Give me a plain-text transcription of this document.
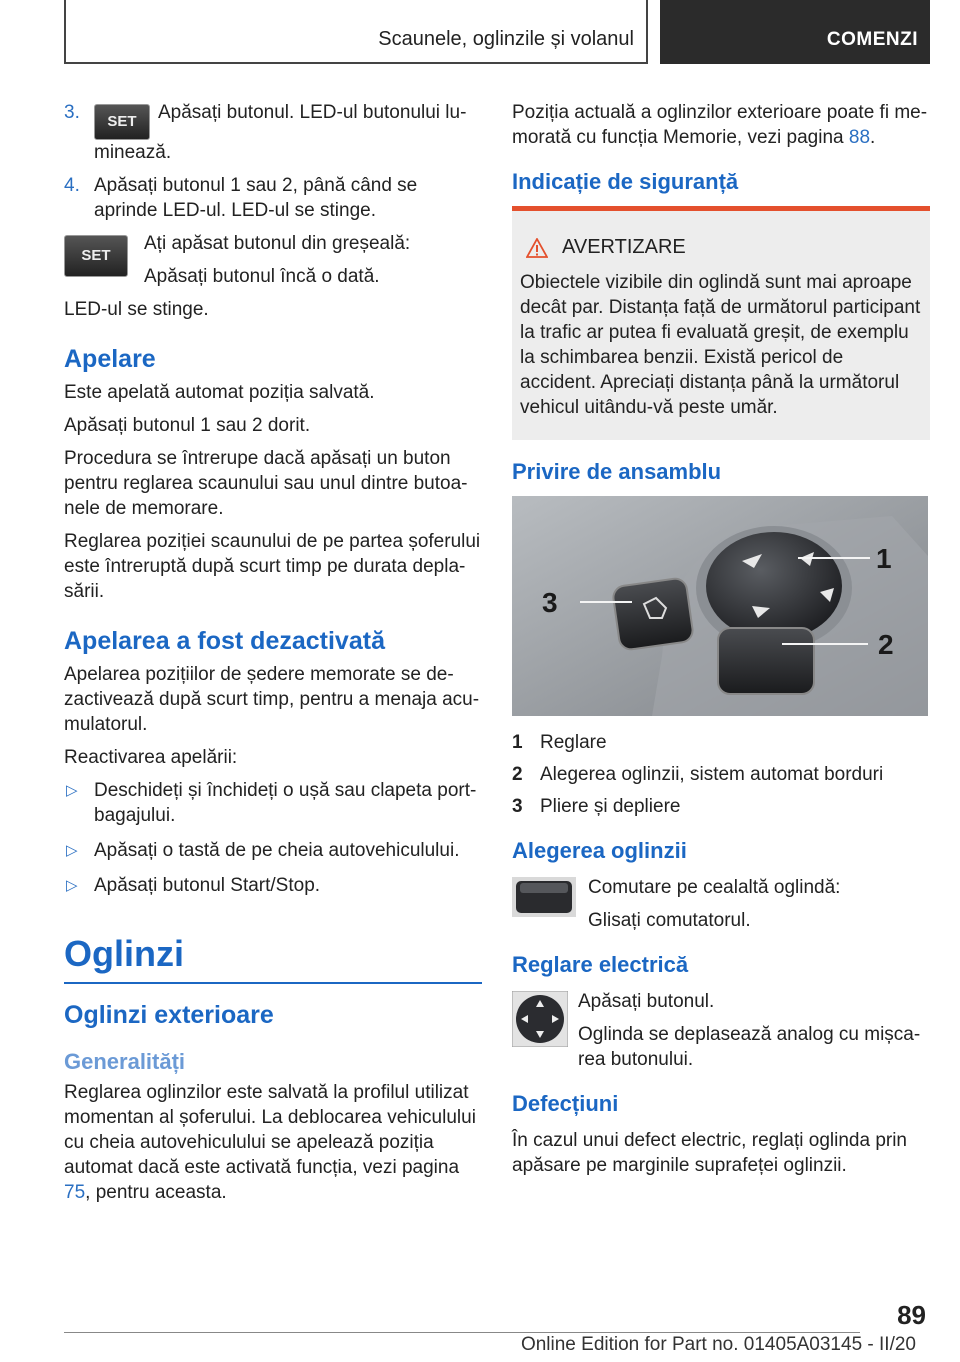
Scaunele, oglinzile și volanul	COMENZI
3. SET Apăsați butonul. LED-ul butonului luminează.
4. Apăsați butonul 1 sau 2, până când se aprinde LED-ul. LED-ul se stinge.
SET

Ați apăsat butonul din greșeală:

Apăsați butonul încă o dată.

LED-ul se stinge.

Apelare

Este apelată automat poziția salvată.

Apăsați butonul 1 sau 2 dorit.

Procedura se întrerupe dacă apăsați un buton pentru reglarea scaunului sau unul dintre butoanele de memorare.

Reglarea poziției scaunului de pe partea șoferului este întreruptă după scurt timp pe durata deplasării.

Apelarea a fost dezactivată

Apelarea pozițiilor de ședere memorate se dezactivează după scurt timp, pentru a menaja acumulatorul.

Reactivarea apelării:

▷ Deschideți și închideți o ușă sau clapeta portbagajului.
▷ Apăsați o tastă de pe cheia autovehiculului.
▷ Apăsați butonul Start/Stop.
Oglinzi
Oglinzi exterioare
Generalități

Reglarea oglinzilor este salvată la profilul utilizat momentan al șoferului. La deblocarea vehiculului cu cheia autovehiculului se apelează poziția automat dacă este activată funcția, vezi pagina 75, pentru aceasta.

Poziția actuală a oglinzilor exterioare poate fi memorată cu funcția Memorie, vezi pagina 88.

Indicație de siguranță
AVERTIZARE

Obiectele vizibile din oglindă sunt mai aproape decât par. Distanța față de următorul participant la trafic ar putea fi evaluată greșit, de exemplu la schimbarea benzii. Există pericol de accident. Apreciați distanța până la următorul vehicul uitându-vă peste umăr.

Privire de ansamblu
3
1
2
1 Reglare
2 Alegerea oglinzii, sistem automat borduri
3 Pliere și depliere
Alegerea oglinzii

Comutare pe cealaltă oglindă:

Glisați comutatorul.

Reglare electrică

Apăsați butonul.

Oglinda se deplasează analog cu mișcarea butonului.

Defecțiuni

În cazul unui defect electric, reglați oglinda prin apăsare pe marginile suprafeței oglinzii.

89
Online Edition for Part no. 01405A03145 - II/20
